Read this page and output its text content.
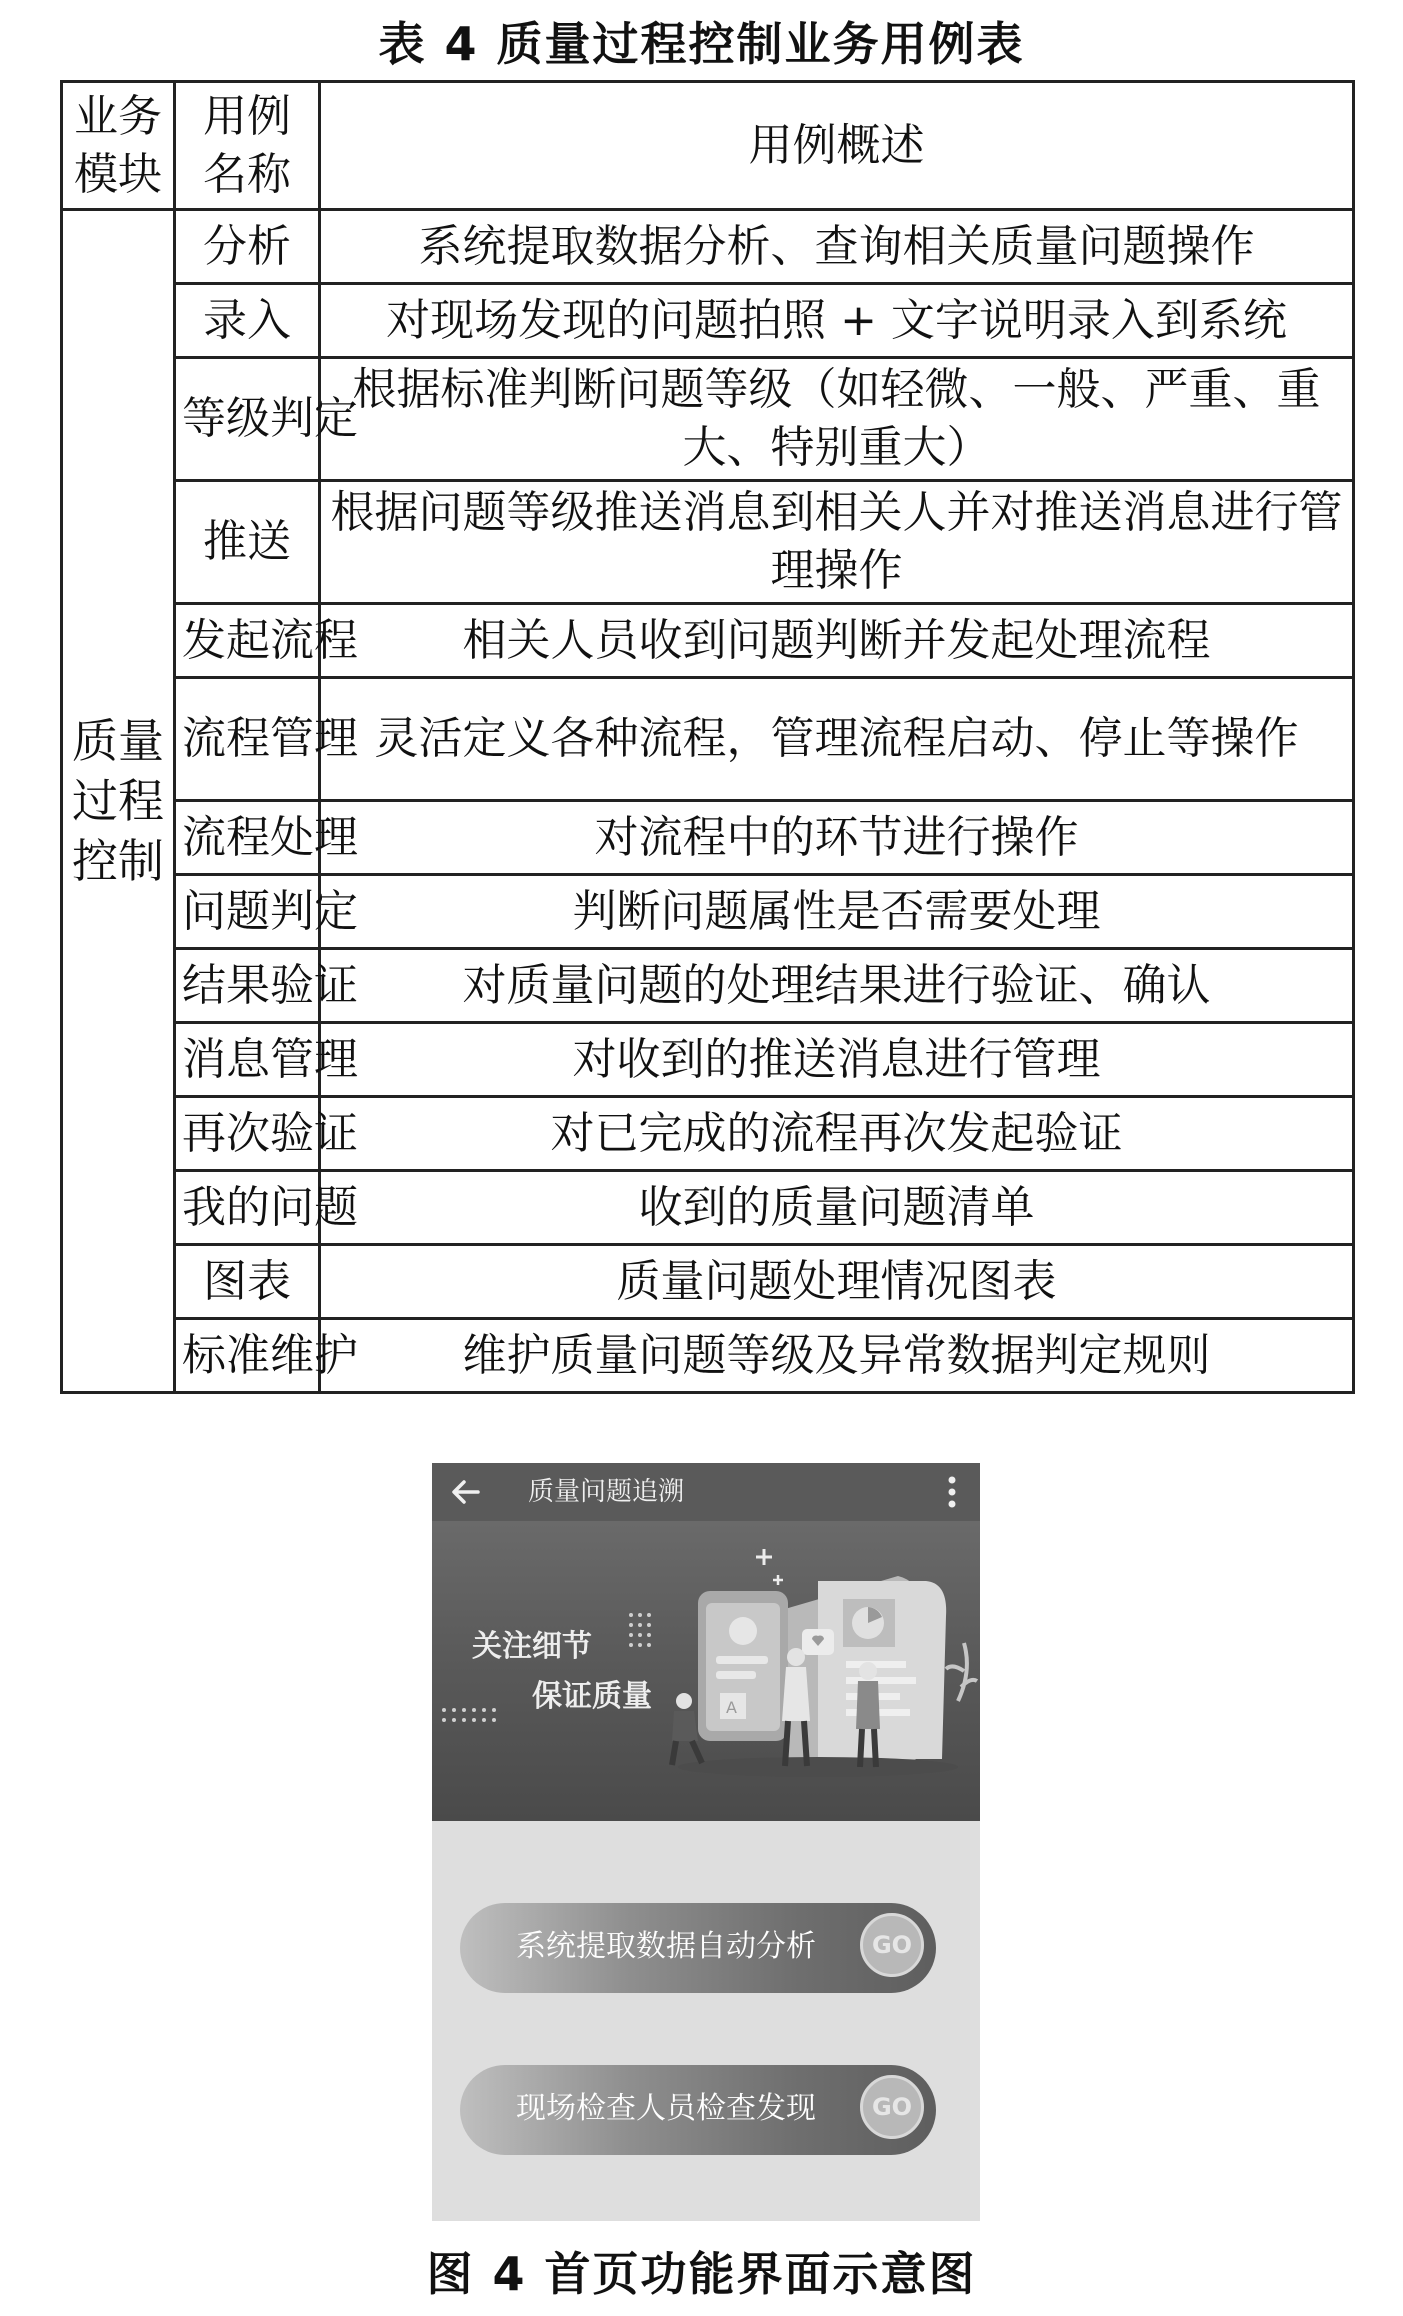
表 4 质量过程控制业务用例表
业务模块	用例名称	用例概述
质量过程控制	分析	系统提取数据分析、查询相关质量问题操作
	录入	对现场发现的问题拍照 + 文字说明录入到系统
	等级判定	根据标准判断问题等级（如轻微、一般、严重、重大、特别重大）
	推送	根据问题等级推送消息到相关人并对推送消息进行管理操作
	发起流程	相关人员收到问题判断并发起处理流程
	流程管理	灵活定义各种流程，管理流程启动、停止等操作
	流程处理	对流程中的环节进行操作
	问题判定	判断问题属性是否需要处理
	结果验证	对质量问题的处理结果进行验证、确认
	消息管理	对收到的推送消息进行管理
	再次验证	对已完成的流程再次发起验证
	我的问题	收到的质量问题清单
	图表	质量问题处理情况图表
	标准维护	维护质量问题等级及异常数据判定规则
质量问题追溯
关注细节
保证质量	A
系统提取数据自动分析	GO
现场检查人员检查发现	GO
图 4 首页功能界面示意图
